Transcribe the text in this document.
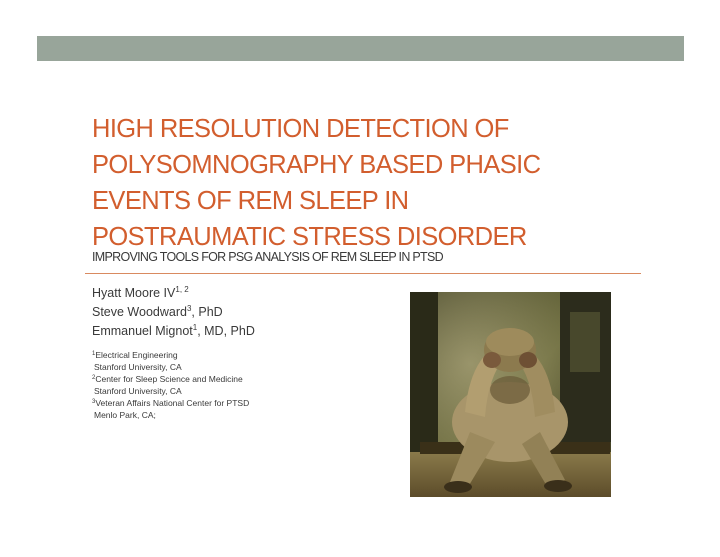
HIGH RESOLUTION DETECTION OF
POLYSOMNOGRAPHY BASED PHASIC
EVENTS OF REM SLEEP IN
POSTRAUMATIC STRESS DISORDER
IMPROVING TOOLS FOR PSG ANALYSIS OF REM SLEEP IN PTSD
Hyatt Moore IV$^{1, 2}$
Steve Woodward$^3$, PhD
Emmanuel Mignot$^1$, MD, PhD
$^1$Electrical Engineering
Stanford University, CA
$^2$Center for Sleep Science and Medicine
Stanford University, CA
$^3$Veteran Affairs National Center for PTSD
Menlo Park, CA;
